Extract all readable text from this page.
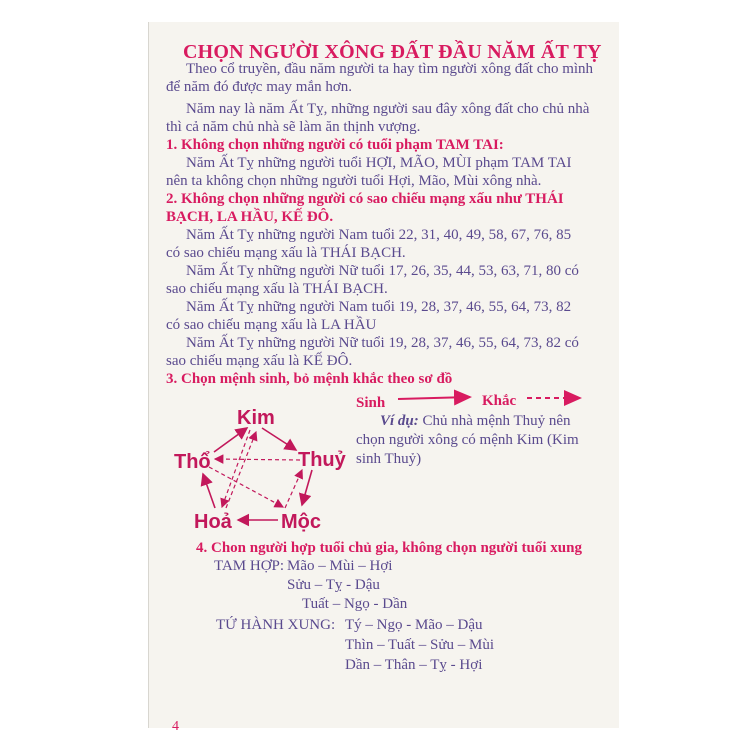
CHỌN NGƯỜI XÔNG ĐẤT ĐẦU NĂM ẤT TỴ
Theo cổ truyền, đầu năm người ta hay tìm người xông đất cho mình
để năm đó được may mắn hơn.
Năm nay là năm Ất Tỵ, những người sau đây xông đất cho chủ nhà
thì cả năm chủ nhà sẽ làm ăn thịnh vượng.
1. Không chọn những người có tuổi phạm TAM TAI:
Năm Ất Tỵ những người tuổi HỢI, MÃO, MÙI phạm TAM TAI
nên ta không chọn những người tuổi Hợi, Mão, Mùi xông nhà.
2. Không chọn những người có sao chiếu mạng xấu như THÁI
BẠCH, LA HẦU, KẾ ĐÔ.
Năm Ất Tỵ những người Nam tuổi 22, 31, 40, 49, 58, 67, 76, 85
có sao chiếu mạng xấu là THÁI BẠCH.
Năm Ất Tỵ những người Nữ tuổi 17, 26, 35, 44, 53, 63, 71, 80 có
sao chiếu mạng xấu là THÁI BẠCH.
Năm Ất Tỵ những người Nam tuổi 19, 28, 37, 46, 55, 64, 73, 82
có sao chiếu mạng xấu là LA HẦU
Năm Ất Tỵ những người Nữ tuổi 19, 28, 37, 46, 55, 64, 73, 82 có
sao chiếu mạng xấu là KẾ ĐÔ.
3. Chọn mệnh sinh, bỏ mệnh khắc theo sơ đồ
Sinh	Khắc
Ví dụ: Chủ nhà mệnh Thuỷ nên
chọn người xông có mệnh Kim (Kim
sinh Thuỷ)
Kim
Thuỷ
Mộc
Hoả
Thổ
4. Chon người hợp tuổi chủ gia, không chọn người tuổi xung
TAM HỢP: Mão – Mùi – Hợi
Sửu – Tỵ - Dậu
Tuất – Ngọ - Dần
TỨ HÀNH XUNG: Tý – Ngọ - Mão – Dậu
Thìn – Tuất – Sửu – Mùi
Dần – Thân – Tỵ - Hợi
4
